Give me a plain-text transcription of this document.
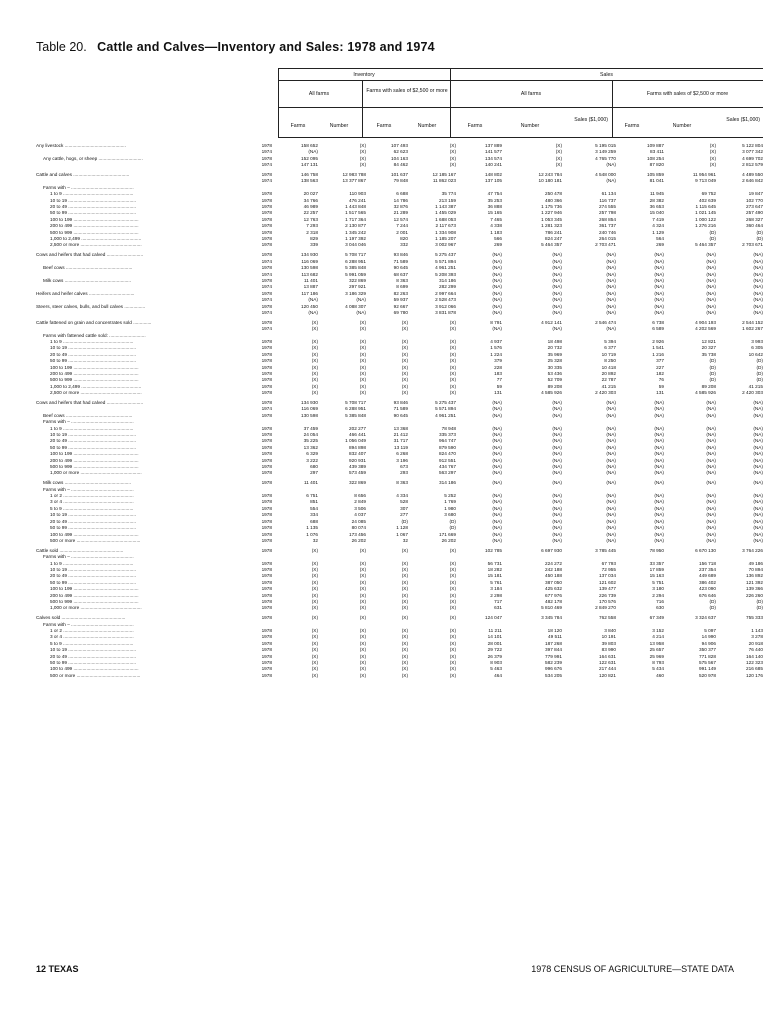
Table 20. Cattle and Calves—Inventory and Sales: 1978 and 1974
Inventory	Sales
All farms	Farms with sales of $2,500 or more	All farms	Farms with sales of $2,500 or more
Farms	Number	Farms	Number	Farms	Number
Sales ($1,000)
Farms	Number
Sales ($1,000)
Any livestock ...............................................	1978	158 652	(X)	107 493	(X)	137 889	(X)	5 195 015	109 887	(X)	5 122 804
1974	(NA)	(X)	62 623	(X)	141 577	(X)	3 149 259	83 411	(X)	3 077 342
Any cattle, hogs, or sheep ..................................	1978	152 095	(X)	104 163	(X)	134 574	(X)	4 765 770	108 254	(X)	4 699 702
1974	147 131	(X)	84 462	(X)	140 241	(X)	(NA)	87 820	(X)	2 812 579
Cattle and calves ...........................................	1978	146 758	12 983 788	101 637	12 185 167	148 802	12 243 784	4 548 000	105 859	11 954 961	4 489 550
1974	138 563	13 377 867	79 848	11 862 023	137 105	10 180 181	(NA)	81 041	9 713 049	2 646 842
Farms with – ................................................
1 to 9 ......................................................	1978	20 027	110 903	6 688	35 774	47 754	250 478	61 134	11 945	69 752	19 847
10 to 19 ....................................................	1978	34 766	476 241	14 786	213 159	35 253	480 366	116 737	28 382	402 639	102 770
20 to 49 ....................................................	1978	46 989	1 443 848	32 876	1 143 387	36 888	1 175 736	274 555	36 653	1 115 645	273 647
50 to 99 ....................................................	1978	22 257	1 517 565	21 289	1 455 029	15 165	1 227 946	257 798	15 040	1 021 145	257 490
100 to 199 ..................................................	1978	12 763	1 717 364	12 574	1 688 053	7 465	1 053 345	268 854	7 419	1 000 122	268 327
200 to 499 ..................................................	1978	7 293	2 130 877	7 244	2 117 673	4 338	1 281 323	361 737	4 324	1 276 216	360 464
500 to 999 ..................................................	1978	2 318	1 345 242	2 001	1 334 908	1 183	786 241	240 746	1 129	(D)	(D)
1,000 to 2,499 ..............................................	1978	829	1 197 392	820	1 185 207	566	824 247	264 015	564	(D)	(D)
2,500 or more ...............................................	1978	339	3 044 046	332	3 002 967	269	5 464 357	2 703 471	269	5 464 357	2 703 671
Cows and heifers that had calved ............................	1978	134 930	5 708 717	93 846	5 275 437	(NA)	(NA)	(NA)	(NA)	(NA)	(NA)
1974	116 069	6 288 951	71 589	5 571 894	(NA)	(NA)	(NA)	(NA)	(NA)	(NA)
Beef cows ...................................................	1978	130 598	5 385 848	90 645	4 961 251	(NA)	(NA)	(NA)	(NA)	(NA)	(NA)
1974	113 682	5 991 059	68 637	5 208 393	(NA)	(NA)	(NA)	(NA)	(NA)	(NA)
Milk cows ...................................................	1978	11 401	322 869	8 363	314 186	(NA)	(NA)	(NA)	(NA)	(NA)	(NA)
1974	13 887	297 921	8 699	282 299	(NA)	(NA)	(NA)	(NA)	(NA)	(NA)
Heifers and heifer calves ...................................	1978	117 186	3 186 329	82 263	2 997 664	(NA)	(NA)	(NA)	(NA)	(NA)	(NA)
1974	(NA)	(NA)	59 937	2 528 473	(NA)	(NA)	(NA)	(NA)	(NA)	(NA)
Steers, steer calves, bulls, and bull calves ................	1978	120 450	4 088 307	92 667	3 912 066	(NA)	(NA)	(NA)	(NA)	(NA)	(NA)
1974	(NA)	(NA)	69 780	3 831 878	(NA)	(NA)	(NA)	(NA)	(NA)	(NA)
Cattle fattened on grain and concentrates sold ..............	1978	(X)	(X)	(X)	(X)	8 791	4 912 141	2 546 474	6 738	4 904 193	2 544 152
1974	(X)	(X)	(X)	(X)	(NA)	(NA)	(NA)	6 589	4 202 569	1 602 267
Farms with fattened cattle sold: ............................
1 to 9 ......................................................	1978	(X)	(X)	(X)	(X)	4 937	18 498	5 394	2 926	12 821	3 993
10 to 19 ....................................................	1978	(X)	(X)	(X)	(X)	1 576	20 732	6 377	1 541	20 327	6 305
20 to 49 ....................................................	1978	(X)	(X)	(X)	(X)	1 224	35 969	10 719	1 216	35 738	10 642
50 to 99 ....................................................	1978	(X)	(X)	(X)	(X)	379	25 328	8 250	377	(D)	(D)
100 to 199 ..................................................	1978	(X)	(X)	(X)	(X)	228	30 335	10 418	227	(D)	(D)
200 to 499 ..................................................	1978	(X)	(X)	(X)	(X)	183	53 436	20 892	182	(D)	(D)
500 to 999 ..................................................	1978	(X)	(X)	(X)	(X)	77	52 709	22 787	76	(D)	(D)
1,000 to 2,499 ..............................................	1978	(X)	(X)	(X)	(X)	59	89 208	41 215	59	89 208	41 215
2,500 or more ...............................................	1978	(X)	(X)	(X)	(X)	131	4 585 926	2 420 303	131	4 585 926	2 420 303
Cows and heifers that had calved ............................	1978	134 930	5 708 717	93 846	5 275 437	(NA)	(NA)	(NA)	(NA)	(NA)	(NA)
1974	116 069	6 288 951	71 589	5 571 894	(NA)	(NA)	(NA)	(NA)	(NA)	(NA)
Beef cows ...................................................	1978	130 598	5 385 848	90 645	4 961 251	(NA)	(NA)	(NA)	(NA)	(NA)	(NA)
Farms with – ................................................
1 to 9 ......................................................	1978	37 459	202 277	13 368	78 948	(NA)	(NA)	(NA)	(NA)	(NA)	(NA)
10 to 19 ....................................................	1978	24 054	466 441	21 412	335 373	(NA)	(NA)	(NA)	(NA)	(NA)	(NA)
20 to 49 ....................................................	1978	35 225	1 056 049	31 717	964 747	(NA)	(NA)	(NA)	(NA)	(NA)	(NA)
50 to 99 ....................................................	1978	13 362	894 898	13 119	879 590	(NA)	(NA)	(NA)	(NA)	(NA)	(NA)
100 to 199 ..................................................	1978	6 329	832 407	6 268	824 470	(NA)	(NA)	(NA)	(NA)	(NA)	(NA)
200 to 499 ..................................................	1978	3 222	920 931	3 196	912 551	(NA)	(NA)	(NA)	(NA)	(NA)	(NA)
500 to 999 ..................................................	1978	680	439 389	673	434 767	(NA)	(NA)	(NA)	(NA)	(NA)	(NA)
1,000 or more ...............................................	1978	297	573 459	293	563 297	(NA)	(NA)	(NA)	(NA)	(NA)	(NA)
Milk cows ...................................................	1978	11 401	322 869	8 363	314 186	(NA)	(NA)	(NA)	(NA)	(NA)	(NA)
Farms with – ................................................
1 or 2 ......................................................	1978	6 751	8 656	4 334	5 252	(NA)	(NA)	(NA)	(NA)	(NA)	(NA)
3 or 4 ......................................................	1978	851	2 849	528	1 769	(NA)	(NA)	(NA)	(NA)	(NA)	(NA)
5 to 9 ......................................................	1978	554	3 506	307	1 980	(NA)	(NA)	(NA)	(NA)	(NA)	(NA)
10 to 19 ....................................................	1978	334	4 037	277	3 680	(NA)	(NA)	(NA)	(NA)	(NA)	(NA)
20 to 49 ....................................................	1978	688	24 085	(D)	(D)	(NA)	(NA)	(NA)	(NA)	(NA)	(NA)
50 to 99 ....................................................	1978	1 135	80 074	1 128	(D)	(NA)	(NA)	(NA)	(NA)	(NA)	(NA)
100 to 499 ..................................................	1978	1 076	173 456	1 067	171 669	(NA)	(NA)	(NA)	(NA)	(NA)	(NA)
500 or more .................................................	1978	32	26 202	32	26 202	(NA)	(NA)	(NA)	(NA)	(NA)	(NA)
Cattle sold .................................................	1978	(X)	(X)	(X)	(X)	102 785	6 697 930	3 785 445	78 950	6 670 130	3 764 226
Farms with – ................................................
1 to 9 ......................................................	1978	(X)	(X)	(X)	(X)	56 731	224 272	67 793	33 357	156 718	49 186
10 to 19 ....................................................	1978	(X)	(X)	(X)	(X)	18 282	242 188	72 955	17 859	237 354	70 894
20 to 49 ....................................................	1978	(X)	(X)	(X)	(X)	15 181	450 188	137 034	15 163	449 689	136 892
50 to 99 ....................................................	1978	(X)	(X)	(X)	(X)	5 761	387 050	121 602	5 751	386 402	121 392
100 to 199 ..................................................	1978	(X)	(X)	(X)	(X)	3 184	425 632	139 477	3 180	423 090	139 366
200 to 499 ..................................................	1978	(X)	(X)	(X)	(X)	2 298	677 976	226 739	2 294	676 646	226 260
500 to 999 ..................................................	1978	(X)	(X)	(X)	(X)	717	482 178	170 576	716	(D)	(D)
1,000 or more ...............................................	1978	(X)	(X)	(X)	(X)	631	5 810 469	2 849 270	630	(D)	(D)
Calves sold .................................................	1978	(X)	(X)	(X)	(X)	124 047	3 345 784	762 558	67 349	3 324 637	755 333
Farms with – ................................................
1 or 2 ......................................................	1978	(X)	(X)	(X)	(X)	11 211	18 120	3 840	3 152	5 097	1 143
3 or 4 ......................................................	1978	(X)	(X)	(X)	(X)	14 101	49 511	10 191	4 214	14 990	3 278
5 to 9 ......................................................	1978	(X)	(X)	(X)	(X)	28 001	187 268	39 803	13 958	94 906	20 918
10 to 19 ....................................................	1978	(X)	(X)	(X)	(X)	29 722	397 844	83 990	25 657	350 377	76 440
20 to 49 ....................................................	1978	(X)	(X)	(X)	(X)	26 379	779 991	164 631	25 969	771 828	164 140
50 to 99 ....................................................	1978	(X)	(X)	(X)	(X)	8 903	582 239	122 631	8 793	575 567	122 323
100 to 499 ..................................................	1978	(X)	(X)	(X)	(X)	5 463	996 676	217 444	5 434	991 149	216 685
500 or more .................................................	1978	(X)	(X)	(X)	(X)	464	534 205	120 821	460	520 978	120 176
12 TEXAS	1978 CENSUS OF AGRICULTURE—STATE DATA
